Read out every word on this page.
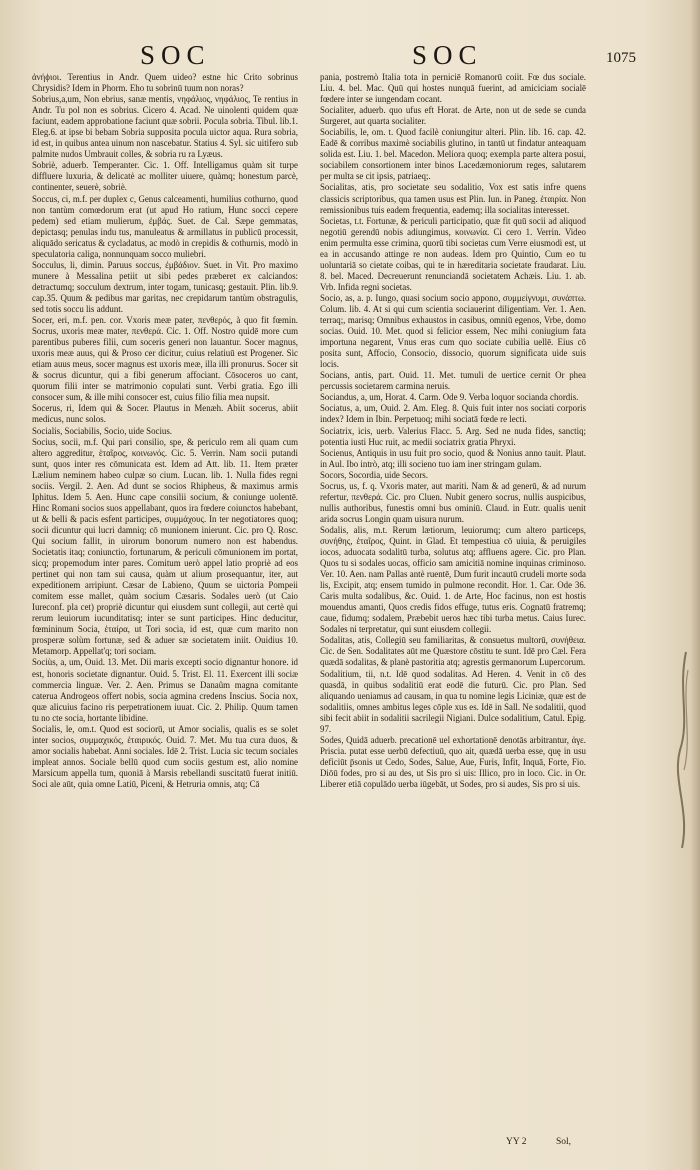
SOC	SOC	1075

ἀνήϕιοι. Terentius in Andr. Quem uideo? estne hic Crito sobrinus Chrysidis? Idem in Phorm. Eho tu sobrinū tuum non noras?

Sobrius,a,um, Non ebrius, sanæ mentis, νηφάλιος, νηφάλιος, Te rentius in Andr. Tu pol non es sobrius. Cicero 4. Acad. Ne uinolenti quidem quæ faciunt, eadem approbatione faciunt quæ sobrii. Pocula sobria. Tibul. lib.1. Eleg.6. at ipse bi bebam Sobria supposita pocula uictor aqua. Rura sobria, id est, in quibus antea uinum non nascebatur. Statius 4. Syl. sic uitifero sub palmite nudos Umbrauit colles, & sobria ru ra Lyæus.

Sobriè, aduerb. Temperanter. Cic. 1. Off. Intelligamus quàm sit turpe diffluere luxuria, & delicatè ac molliter uiuere, quàmq; honestum parcè, continenter, seuerè, sobriè.

Soccus, ci, m.f. per duplex c, Genus calceamenti, humilius cothurno, quod non tantùm comœdorum erat (ut apud Ho ratium, Hunc socci cepere pedem) sed etiam mulierum, ἐμβάς. Suet. de Cal. Sæpe gemmatas, depictasq; penulas indu tus, manuleatus & armillatus in publicū processit, aliquādo sericatus & cycladatus, ac modò in crepidis & cothurnis, modò in speculatoria caliga, nonnunquam socco muliebri.

Socculus, li, dimin. Paruus soccus, ἐμβάδιον. Suet. in Vit. Pro maximo munere à Messalina petiit ut sibi pedes præberet ex calciandos: detractumq; socculum dextrum, inter togam, tunicasq; gestauit. Plin. lib.9. cap.35. Quum & pedibus mar garitas, nec crepidarum tantùm obstragulis, sed totis soccu lis addunt.

Socer, eri, m.f. pen. cor. Vxoris meæ pater, πενθερός, à quo fit fœmin. Socrus, uxoris meæ mater, πενθερά. Cic. 1. Off. Nostro quidē more cum parentibus puberes filii, cum soceris generi non lauantur. Socer magnus, uxoris meæ auus, qui & Proso cer dicitur, cuius relatiuū est Progener. Sic etiam auus meus, socer magnus est uxoris meæ, illa illi pronurus. Socer sit & socrus dicuntur, qui a fibi generum affociant. Cōsoceros uo cant, quorum filii inter se matrimonio copulati sunt. Verbi gratia. Ego illi consocer sum, & ille mihi consocer est, cuius filio filia mea nupsit.

Socerus, ri, Idem qui & Socer. Plautus in Menæh. Abiit socerus, abiit medicus, nunc solos.

Socialis, Sociabilis, Socio, uide Socius.

Socius, socii, m.f. Qui pari consilio, spe, & periculo rem ali quam cum altero aggreditur, ἑταῖρος, κοινωνός. Cic. 5. Verrin. Nam socii putandi sunt, quos inter res cōmunicata est. Idem ad Att. lib. 11. Item præter Lælium neminem habeo culpæ so cium. Lucan. lib. 1. Nulla fides regni sociis. Vergil. 2. Aen. Ad dunt se socios Rhipheus, & maximus armis Iphitus. Idem 5. Aen. Hunc cape consilii socium, & coniunge uolentē. Hinc Romani socios suos appellabant, quos ira fœdere coiunctos habebant, ut & belli & pacis esfent participes, συμμάχους. In ter negotiatores quoq; socii dicuntur qui lucri damniq; cō munionem inierunt. Cic. pro Q. Rosc. Qui socium fallit, in uirorum bonorum numero non est habendus. Societatis itaq; coniunctio, fortunarum, & periculi cōmunionem im portat, sicq; propemodum inter pares. Comitum uerò appel latio propriè ad eos pertinet qui non tam sui causa, quàm ut alium prosequantur, iter, aut expeditionem arripiunt. Cæsar de Labieno, Quum se uictoria Pompeii comitem esse mallet, quàm socium Cæsaris. Sodales uerò (ut Caio Iureconf. pla cet) propriè dicuntur qui eiusdem sunt collegii, aut certè qui rerum leuiorum iucunditatisq; inter se sunt participes. Hinc deducitur, fœmininum Socia, ἑταίρα, ut Tori socia, id est, quæ cum marito non prosperæ solùm fortunæ, sed & aduer sæ societatem iniit. Ouidius 10. Metamorp. Appellat'q; tori sociam.

Sociùs, a, um, Ouid. 13. Met. Dii maris excepti socio dignantur honore. id est, honoris societate dignantur. Ouid. 5. Trist. El. 11. Exercent illi sociæ commercia linguæ. Ver. 2. Aen. Primus se Danaûm magna comitante caterua Androgeos offert nobis, socia agmina credens Inscius. Socia nox, quæ alicuius facino ris perpetrationem iuuat. Cic. 2. Philip. Quum tamen tu no cte socia, hortante libidine.

Socialis, le, om.t. Quod est sociorū, ut Amor socialis, qualis es se solet inter socios, συμμαχικός, ἑταιρικός. Ouid. 7. Met. Mu tua cura duos, & amor socialis habebat. Anni sociales. Idē 2. Trist. Lucia sic tecum sociales impleat annos. Sociale bellū quod cum sociis gestum est, alio nomine Marsicum appella tum, quoniā à Marsis rebellandi suscitatū fuerat initiū. Soci ale aūt, quia omne Latiū, Piceni, & Hetruria omnis, atq; Cā

pania, postremò Italia tota in perniciē Romanorū coiit. Fœ dus sociale. Liu. 4. bel. Mac. Quū qui hostes nunquā fuerint, ad amiciciam socialē fœdere inter se iungendam cocant.

Socialiter, aduerb. quo ufus eft Horat. de Arte, non ut de sede se cunda Surgeret, aut quarta socialiter.

Sociabilis, le, om. t. Quod facilè coniungitur alteri. Plin. lib. 16. cap. 42. Eadē & corribus maximè sociabilis glutino, in tantū ut findatur anteaquam solida est. Liu. 1. bel. Macedon. Meliora quoq; exempla parte altera posui, sociabilem consortionem inter binos Lacedæmoniorum reges, salutarem per multa se cit ipsis, patriaeq;.

Socialitas, atis, pro societate seu sodalitio, Vox est satis infre quens classicis scriptoribus, qua tamen usus est Plin. Iun. in Paneg. ἑταιρία. Non remissionibus tuis eadem frequentia, eademq; illa socialitas interesset.

Societas, t.t. Fortunæ, & periculi participatio, quæ fit quū socii ad aliquod negotiū gerendū nobis adiungimus, κοινωνία. Ci cero 1. Verrin. Video enim permulta esse crimina, quorū tibi societas cum Verre eiusmodi est, ut ea in accusando attinge re non audeas. Idem pro Quintio, Cum eo tu uoluntariā so cietate coibas, qui te in hæreditaria societate fraudarat. Liu. 8. bel. Maced. Decreuerunt renunciandā societatem Achæis. Liu. 1. ab. Vrb. Infida regni societas.

Socio, as, a. p. Iungo, quasi socium socio appono, συμμείγνυμι, συνάπτω. Colum. lib. 4. At si qui cum scientia sociauerint diligentiam. Ver. 1. Aen. terraq;, marisq; Omnibus exhaustos in casibus, omniū egenos, Vrbe, domo socias. Ouid. 10. Met. quod si felicior essem, Nec mihi coniugium fata importuna negarent, Vnus eras cum quo sociate cubilia uellē. Eius cō posita sunt, Affocio, Consocio, dissocio, quorum significata uide suis locis.

Socians, antis, part. Ouid. 11. Met. tumuli de uertice cernit Or phea percussis societarem carmina neruis.

Sociandus, a, um, Horat. 4. Carm. Ode 9. Verba loquor socianda chordis.

Sociatus, a, um, Ouid. 2. Am. Eleg. 8. Quis fuit inter nos sociati corporis index? Idem in Ibin. Perpetuoq; mihi sociatā fœde re lecti.

Sociatrix, icis, uerb. Valerius Flacc. 5. Arg. Sed ne nuda fides, sanctiq; potentia iusti Huc ruit, ac medii sociatrix gratia Phryxi.

Socienus, Antiquis in usu fuit pro socio, quod & Nonius anno tauit. Plaut. in Aul. Ibo intrò, atq; illi socieno tuo iam iner stringam gulam.

Socors, Socordia, uide Secors.

Socrus, us, f. q. Vxoris mater, aut mariti. Nam & ad generū, & ad nurum refertur, πενθερά. Cic. pro Cluen. Nubit genero socrus, nullis auspicibus, nullis authoribus, funestis omni bus ominiū. Claud. in Eutr. qualis uenit arida socrus Longin quam uisura nurum.

Sodalis, alis, m.t. Rerum lætiorum, leuiorumq; cum altero particeps, συνήθης, ἑταῖρος, Quint. in Glad. Et tempestiua cō uiuia, & peruigiles iocos, aduocata sodalitū turba, solutus atq; affluens agere. Cic. pro Plan. Quos tu si sodales uocas, officio sam amicitiā nomine inquinas criminoso. Ver. 10. Aen. nam Pallas antè ruentē, Dum furit incautū crudeli morte soda lis, Excipit, atq; ensem tumido in pulmone recondit. Hor. 1. Car. Ode 36. Caris multa sodalibus, &c. Ouid. 1. de Arte, Hoc facinus, non est hostis mouendus amanti, Quos credis fidos effuge, tutus eris. Cognatū fratremq; caue, fidumq; sodalem, Præbebit ueros hæc tibi turba metus. Caius Iurec. Sodales ni terpretatur, qui sunt eiusdem collegii.

Sodalitas, atis, Collegiū seu familiaritas, & consuetus multorū, συνήθεια. Cic. de Sen. Sodalitates aūt me Quæstore cōstitu te sunt. Idē pro Cæl. Fera quædā sodalitas, & planè pastoritia atq; agrestis germanorum Lupercorum.

Sodalitium, tii, n.t. Idē quod sodalitas. Ad Heren. 4. Venit in cō des quasdā, in quibus sodalitiū erat eodē die futurū. Cic. pro Plan. Sed aliquando ueniamus ad causam, in qua tu nomine legis Liciniæ, quæ est de sodalitiis, omnes ambitus leges cōple xus es. Idē in Sall. Ne sodalitii, quod sibi fecit abiit in sodalitii sacrilegii Nigiani. Dulce sodalitium, Catul. Epig. 97.

Sodes, Quidā aduerb. precationē uel exhortationē denotās arbitrantur, ἀγε. Priscia. putat esse uerbū defectiuū, quo ait, quædā uerba esse, quę in usu deficiūt p̄sonis ut Cedo, Sodes, Salue, Aue, Furis, Infit, Inquā, Forte, Fio. Diōū fodes, pro si au des, ut Sis pro si uis: Illico, pro in loco. Cic. in Or. Liberer etiā copulādo uerba iūgebāt, ut Sodes, pro si audes, Sis pro si uis.

YY 2	Sol,
